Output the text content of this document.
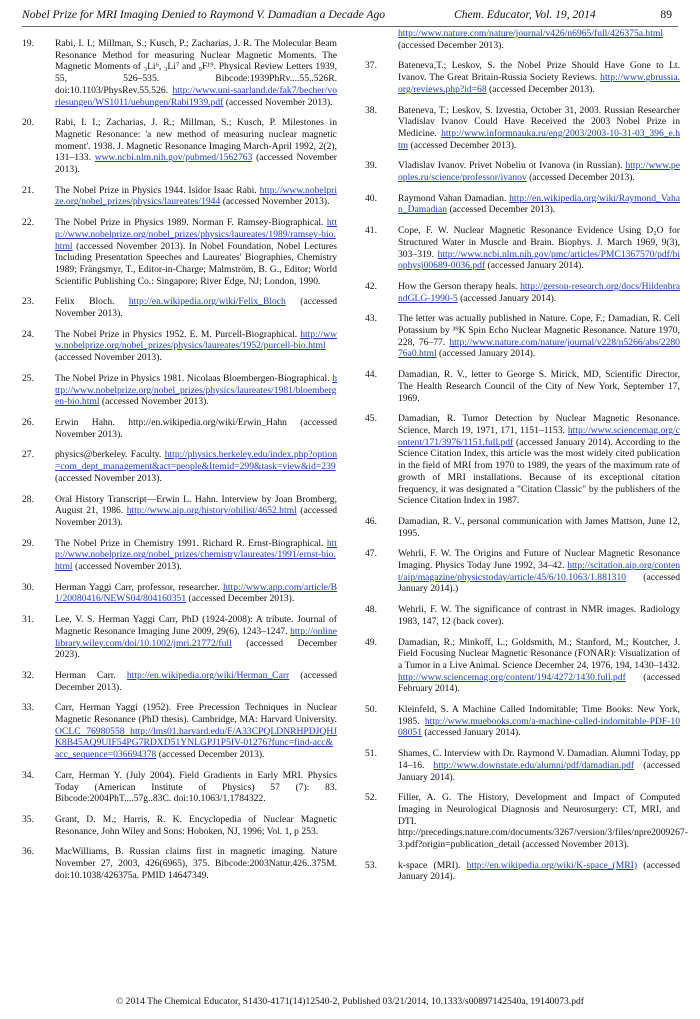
Nobel Prize for MRI Imaging Denied to Raymond V. Damadian a Decade Ago	Chem. Educator, Vol. 19, 2014	89
19. Rabi, I. I.; Millman, S.; Kusch, P.; Zacharias, J. R. The Molecular Beam Resonance Method for measuring Nuclear Magnetic Moments. The Magnetic Moments of ₃Li⁶, ₃Li⁷ and ₉F¹⁹. Physical Review Letters 1939, 55, 526–535. Bibcode:1939PhRv....55..526R. doi:10.1103/PhysRev.55.526. http://www.uni-saarland.de/fak7/becher/vorlesungen/WS1011/uebungen/Rabi1939.pdf (accessed November 2013).
20. Rabi, I. I.; Zacharias, J. R.; Millman, S.; Kusch, P. Milestones in Magnetic Resonance: 'a new method of measuring nuclear magnetic moment'. 1938. J. Magnetic Resonance Imaging March-April 1992, 2(2), 131–133. www.ncbi.nlm.nih.gov/pubmed/1562763 (accessed November 2013).
21. The Nobel Prize in Physics 1944. Isidor Isaac Rabi. http://www.nobelprize.org/nobel_prizes/physics/laureates/1944 (accessed November 2013).
22. The Nobel Prize in Physics 1989. Norman F. Ramsey-Biographical. http://www.nobelprize.org/nobel_prizes/physics/laureates/1989/ramsey-bio.html (accessed November 2013). In Nobel Foundation, Nobel Lectures Including Presentation Speeches and Laureates' Biographies, Chemistry 1989; Frängsmyr, T., Editor-in-Charge; Malmström, B. G., Editor; World Scientific Publishing Co.: Singapore; River Edge, NJ; London, 1990.
23. Felix Bloch. http://en.wikipedia.org/wiki/Felix_Bloch (accessed November 2013).
24. The Nobel Prize in Physics 1952. E. M. Purcell-Biographical. http://www.nobelprize.org/nobel_prizes/physics/laureates/1952/purcell-bio.html (accessed November 2013).
25. The Nobel Prize in Physics 1981. Nicolaas Bloembergen-Biographical. http://www.nobelprize.org/nobel_prizes/physics/laureates/1981/bloembergen-bio.html (accessed November 2013).
26. Erwin Hahn. http://en.wikipedia.org/wiki/Erwin_Hahn (accessed November 2013).
27. physics@berkeley. Faculty. http://physics.berkeley.edu/index.php?option=com_dept_management&act=people&Itemid=299&task=view&id=239 (accessed November 2013).
28. Oral History Transcript—Erwin L. Hahn. Interview by Joan Bromberg, August 21, 1986. http://www.aip.org/history/ohilist/4652.html (accessed November 2013).
29. The Nobel Prize in Chemistry 1991. Richard R. Ernst-Biographical. http://www.nobelprize.org/nobel_prizes/chemistry/laureates/1991/ernst-bio.html (accessed November 2013).
30. Herman Yaggi Carr, professor, researcher. http://www.app.com/article/B1/20080416/NEWS04/804160351 (accessed December 2013).
31. Lee, V. S. Herman Yaggi Carr, PhD (1924-2008): A tribute. Journal of Magnetic Resonance Imaging June 2009, 29(6), 1243–1247. http://onlinelibrary.wiley.com/doi/10.1002/jmri.21772/full (accessed December 2023).
32. Herman Carr. http://en.wikipedia.org/wiki/Herman_Carr (accessed December 2013).
33. Carr, Herman Yaggi (1952). Free Precession Techniques in Nuclear Magnetic Resonance (PhD thesis). Cambridge, MA: Harvard University. OCLC 76980558 http://lms01.harvard.edu/F/A33CPQLDNRHPDJQHJK8B45AQ9UIF54PG7RDXD51YNLGPJ1P5IV-01276?func=find-acc&acc_sequence=036694378 (accessed December 2013).
34. Carr, Herman Y. (July 2004). Field Gradients in Early MRI. Physics Today (American Institute of Physics) 57 (7): 83. Bibcode:2004PhT....57g..83C. doi:10.1063/1.1784322.
35. Grant, D. M.; Harris, R. K. Encyclopedia of Nuclear Magnetic Resonance, John Wiley and Sons: Hoboken, NJ, 1996; Vol. 1, p 253.
36. MacWilliams, B. Russian claims first in magnetic imaging. Nature November 27, 2003, 426(6965), 375. Bibcode:2003Natur.426..375M. doi:10.1038/426375a. PMID 14647349.
http://www.nature.com/nature/journal/v426/n6965/full/426375a.html (accessed December 2013).
37. Bateneva,T.; Leskov, S. the Nobel Prize Should Have Gone to Lt. Ivanov. The Great Britain-Russia Society Reviews. http://www.gbrussia.org/reviews.php?id=68 (accessed December 2013).
38. Bateneva, T.; Leskov, S. Izvestia, October 31, 2003. Russian Researcher Vladislav Ivanov Could Have Received the 2003 Nobel Prize in Medicine. http://www.informnauka.ru/eng/2003/2003-10-31-03_396_e.htm (accessed December 2013).
39. Vladislav Ivanov. Privet Nobeliu ot Ivanova (in Russian). http://www.peoples.ru/science/professor/ivanov (accessed December 2013).
40. Raymond Vahan Damadian. http://en.wikipedia.org/wiki/Raymond_Vahan_Damadian (accessed December 2013).
41. Cope, F. W. Nuclear Magnetic Resonance Evidence Using D₂O for Structured Water in Muscle and Brain. Biophys. J. March 1969, 9(3), 303–319. http://www.ncbi.nlm.nih.gov/pmc/articles/PMC1367570/pdf/biophysj00689-0036.pdf (accessed January 2014).
42. How the Gerson therapy heals. http://gerson-research.org/docs/HildenbrandGLG-1990-5 (accessed January 2014).
43. The letter was actually published in Nature. Cope, F.; Damadian, R. Cell Potassium by ³⁹K Spin Echo Nuclear Magnetic Resonance. Nature 1970, 228, 76–77. http://www.nature.com/nature/journal/v228/n5266/abs/228076a0.html (accessed January 2014).
44. Damadian, R. V., letter to George S. Mirick, MD, Scientific Director, The Health Research Council of the City of New York, September 17, 1969.
45. Damadian, R. Tumor Detection by Nuclear Magnetic Resonance. Science, March 19, 1971, 171, 1151–1153. http://www.sciencemag.org/content/171/3976/1151.full.pdf (accessed January 2014). According to the Science Citation Index, this article was the most widely cited publication in the field of MRI from 1970 to 1989, the years of the maximum rate of growth of MRI installations. Because of its exceptional citation frequency, it was designated a "Citation Classic" by the publishers of the Science Citation Index in 1987.
46. Damadian, R. V., personal communication with James Mattson, June 12, 1995.
47. Wehrli, F. W. The Origins and Future of Nuclear Magnetic Resonance Imaging. Physics Today June 1992, 34–42. http://scitation.aip.org/content/aip/magazine/physicstoday/article/45/6/10.1063/1.881310 (accessed January 2014).)
48. Wehrli, F. W. The significance of contrast in NMR images. Radiology 1983, 147, 12 (back cover).
49. Damadian, R.; Minkoff, L.; Goldsmith, M.; Stanford, M.; Koutcher, J. Field Focusing Nuclear Magnetic Resonance (FONAR): Visualization of a Tumor in a Live Animal. Science December 24, 1976, 194, 1430–1432. http://www.sciencemag.org/content/194/4272/1430.full.pdf (accessed February 2014).
50. Kleinfeld, S. A Machine Called Indomitable; Time Books: New York, 1985. http://www.muebooks.com/a-machine-called-indomitable-PDF-1008051 (accessed January 2014).
51. Shames, C. Interview with Dr. Raymond V. Damadian. Alumni Today, pp 14–16. http://www.downstate.edu/alumni/pdf/damadian.pdf (accessed January 2014).
52. Filler, A. G. The History, Development and Impact of Computed Imaging in Neurological Diagnosis and Neurosurgery: CT, MRI, and DTI. http://precedings.nature.com/documents/3267/version/3/files/npre2009267-3.pdf?origin=publication_detail (accessed November 2013).
53. k-space (MRI). http://en.wikipedia.org/wiki/K-space_(MRI) (accessed January 2014).
© 2014 The Chemical Educator, S1430-4171(14)12540-2, Published 03/21/2014, 10.1333/s00897142540a, 19140073.pdf
